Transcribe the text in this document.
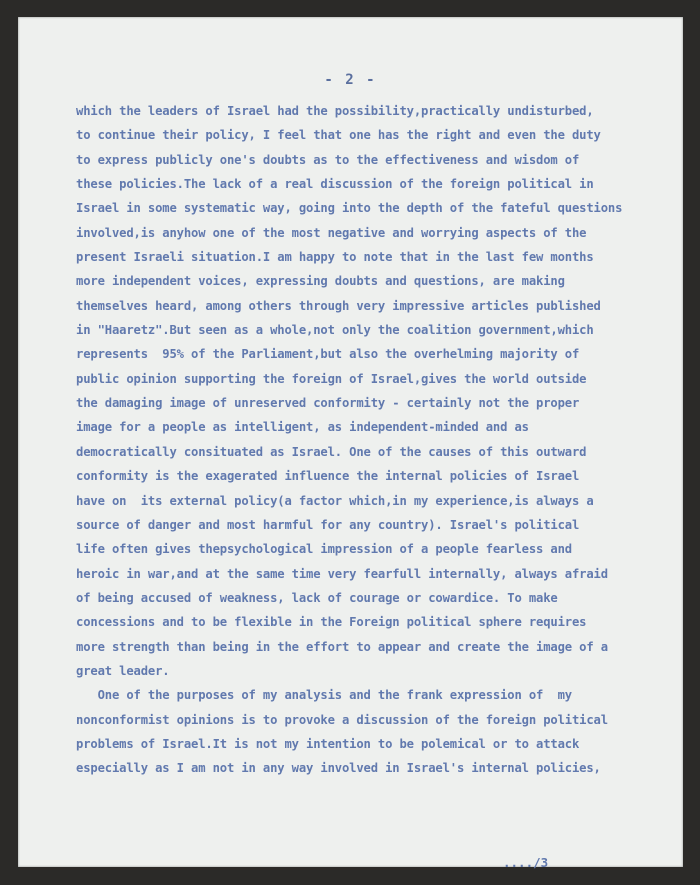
- 2 -
which the leaders of Israel had the possibility,practically undisturbed,
to continue their policy, I feel that one has the right and even the duty
to express publicly one's doubts as to the effectiveness and wisdom of
these policies.The lack of a real discussion of the foreign political in
Israel in some systematic way, going into the depth of the fateful questions
involved,is anyhow one of the most negative and worrying aspects of the
present Israeli situation.I am happy to note that in the last few months
more independent voices, expressing doubts and questions, are making
themselves heard, among others through very impressive articles published
in "Haaretz".But seen as a whole,not only the coalition government,which
represents  95% of the Parliament,but also the overhelming majority of
public opinion supporting the foreign of Israel,gives the world outside
the damaging image of unreserved conformity - certainly not the proper
image for a people as intelligent, as independent-minded and as
democratically consituated as Israel. One of the causes of this outward
conformity is the exagerated influence the internal policies of Israel
have on  its external policy(a factor which,in my experience,is always a
source of danger and most harmful for any country). Israel's political
life often gives thepsychological impression of a people fearless and
heroic in war,and at the same time very fearfull internally, always afraid
of being accused of weakness, lack of courage or cowardice. To make
concessions and to be flexible in the Foreign political sphere requires
more strength than being in the effort to appear and create the image of a
great leader.
One of the purposes of my analysis and the frank expression of  my
nonconformist opinions is to provoke a discussion of the foreign political
problems of Israel.It is not my intention to be polemical or to attack
especially as I am not in any way involved in Israel's internal policies,
..../3
